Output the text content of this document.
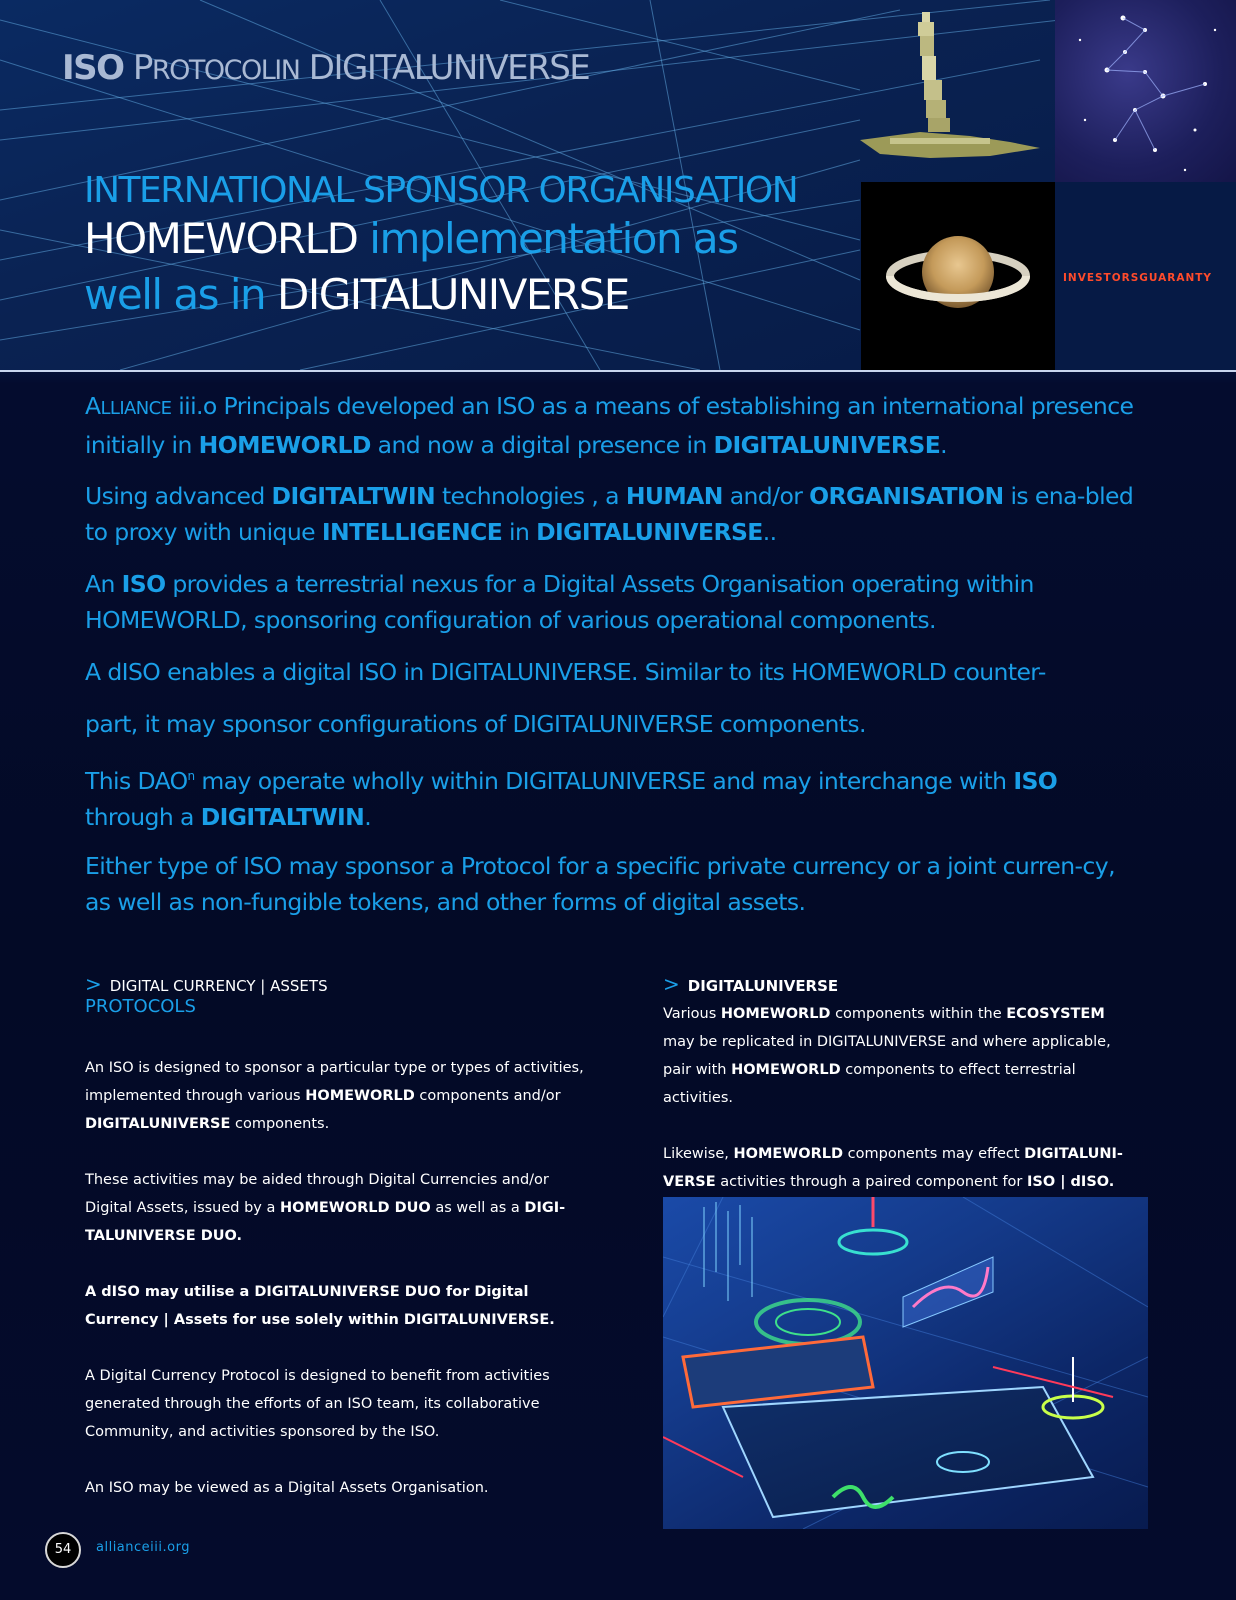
ISO PROTOCOLIN DIGITALUNIVERSE
INTERNATIONAL SPONSOR ORGANISATION
HOMEWORLD implementation as
well as in DIGITALUNIVERSE	INVESTORSGUARANTY

ALLIANCE iii.o Principals developed an ISO as a means of establishing an international presence initially in HOMEWORLD and now a digital presence in DIGITALUNIVERSE.

Using advanced DIGITALTWIN technologies , a HUMAN and/or ORGANISATION is ena-bled to proxy with unique INTELLIGENCE in DIGITALUNIVERSE..

An ISO provides a terrestrial nexus for a Digital Assets Organisation operating within HOMEWORLD, sponsoring configuration of various operational components.

A dISO enables a digital ISO in DIGITALUNIVERSE. Similar to its HOMEWORLD counter-

part, it may sponsor configurations of DIGITALUNIVERSE components.

This DAO$^n$ may operate wholly within DIGITALUNIVERSE and may interchange with ISO through a DIGITALTWIN.

Either type of ISO may sponsor a Protocol for a specific private currency or a joint curren-cy, as well as non-fungible tokens, and other forms of digital assets.

> DIGITAL CURRENCY | ASSETS
PROTOCOLS

An ISO is designed to sponsor a particular type or types of activities, implemented through various HOMEWORLD components and/or DIGITALUNIVERSE components.

These activities may be aided through Digital Currencies and/or Digital Assets, issued by a HOMEWORLD DUO as well as a DIGI-TALUNIVERSE DUO.

A dISO may utilise a DIGITALUNIVERSE DUO for Digital Currency | Assets for use solely within DIGITALUNIVERSE.

A Digital Currency Protocol is designed to benefit from activities generated through the efforts of an ISO team, its collaborative Community, and activities sponsored by the ISO.

An ISO may be viewed as a Digital Assets Organisation.

> DIGITALUNIVERSE

Various HOMEWORLD components within the ECOSYSTEM may be replicated in DIGITALUNIVERSE and where applicable, pair with HOMEWORLD components to effect terrestrial activities.

Likewise, HOMEWORLD components may effect DIGITALUNI-VERSE activities through a paired component for ISO | dISO.

54	allianceiii.org
